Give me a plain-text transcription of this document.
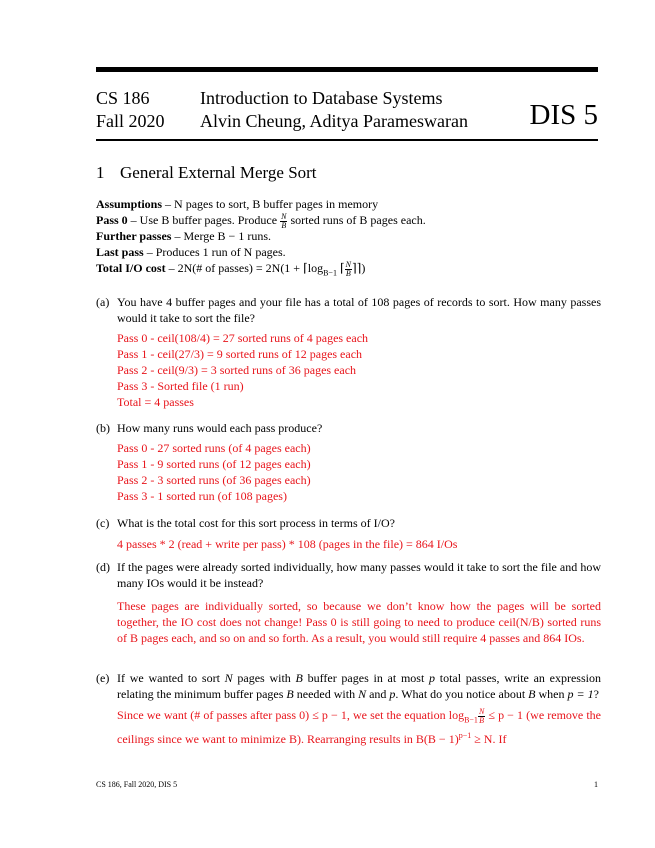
CS 186
Fall 2020
Introduction to Database Systems
Alvin Cheung, Aditya Parameswaran DIS 5
1 General External Merge Sort
Assumptions – N pages to sort, B buffer pages in memory
Pass 0 – Use B buffer pages. Produce $\frac{N}{B}$ sorted runs of B pages each.
Further passes – Merge B − 1 runs.
Last pass – Produces 1 run of N pages.
Total I/O cost – 2N(# of passes) = $2N(1 + ⌈\log_{B-1}$ ⌈ $\frac{N}{B}$ ⌉⌉)
(a) You have 4 buffer pages and your file has a total of 108 pages of records to sort. How many passes would it take to sort the file?
Pass 0 - ceil(108/4) = 27 sorted runs of 4 pages each
Pass 1 - ceil(27/3) = 9 sorted runs of 12 pages each
Pass 2 - ceil(9/3) = 3 sorted runs of 36 pages each
Pass 3 - Sorted file (1 run)
Total = 4 passes
(b) How many runs would each pass produce?
Pass 0 - 27 sorted runs (of 4 pages each)
Pass 1 - 9 sorted runs (of 12 pages each)
Pass 2 - 3 sorted runs (of 36 pages each)
Pass 3 - 1 sorted run (of 108 pages)
(c) What is the total cost for this sort process in terms of I/O?
4 passes * 2 (read + write per pass) * 108 (pages in the file) = 864 I/Os
(d) If the pages were already sorted individually, how many passes would it take to sort the file and how many IOs would it be instead?
These pages are individually sorted, so because we don’t know how the pages will be sorted together, the IO cost does not change! Pass 0 is still going to need to produce ceil(N/B) sorted runs of B pages each, and so on and so forth. As a result, you would still require 4 passes and 864 IOs.
(e) If we wanted to sort N pages with B buffer pages in at most p total passes, write an expression relating the minimum buffer pages B needed with N and p. What do you notice about B when p = 1?
Since we want (# of passes after pass 0) ≤ p − 1, we set the equation $\log_{B-1} \frac{N}{B} \le p - 1$ (we remove the ceilings since we want to minimize B). Rearranging results in $B(B - 1)^{p-1} \ge N$. If
CS 186, Fall 2020, DIS 5	1
